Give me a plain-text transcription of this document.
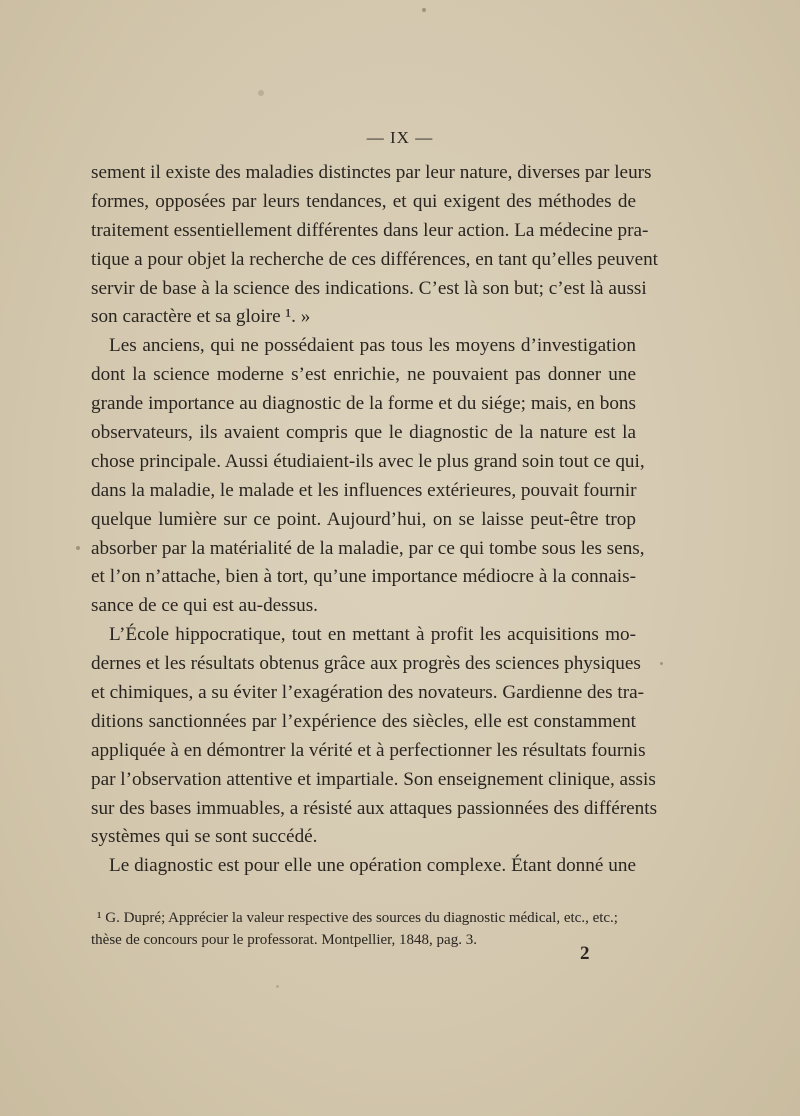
— IX —
sement il existe des maladies distinctes par leur nature, diverses par leurs
formes, opposées par leurs tendances, et qui exigent des méthodes de
traitement essentiellement différentes dans leur action. La médecine pra-
tique a pour objet la recherche de ces différences, en tant qu’elles peuvent
servir de base à la science des indications. C’est là son but; c’est là aussi
son caractère et sa gloire ¹. »
Les anciens, qui ne possédaient pas tous les moyens d’investigation
dont la science moderne s’est enrichie, ne pouvaient pas donner une
grande importance au diagnostic de la forme et du siége; mais, en bons
observateurs, ils avaient compris que le diagnostic de la nature est la
chose principale. Aussi étudiaient-ils avec le plus grand soin tout ce qui,
dans la maladie, le malade et les influences extérieures, pouvait fournir
quelque lumière sur ce point. Aujourd’hui, on se laisse peut-être trop
absorber par la matérialité de la maladie, par ce qui tombe sous les sens,
et l’on n’attache, bien à tort, qu’une importance médiocre à la connais-
sance de ce qui est au-dessus.
L’École hippocratique, tout en mettant à profit les acquisitions mo-
dernes et les résultats obtenus grâce aux progrès des sciences physiques
et chimiques, a su éviter l’exagération des novateurs. Gardienne des tra-
ditions sanctionnées par l’expérience des siècles, elle est constamment
appliquée à en démontrer la vérité et à perfectionner les résultats fournis
par l’observation attentive et impartiale. Son enseignement clinique, assis
sur des bases immuables, a résisté aux attaques passionnées des différents
systèmes qui se sont succédé.
Le diagnostic est pour elle une opération complexe. Étant donné une
¹ G. Dupré; Apprécier la valeur respective des sources du diagnostic médical, etc., etc.;
thèse de concours pour le professorat. Montpellier, 1848, pag. 3.
2
